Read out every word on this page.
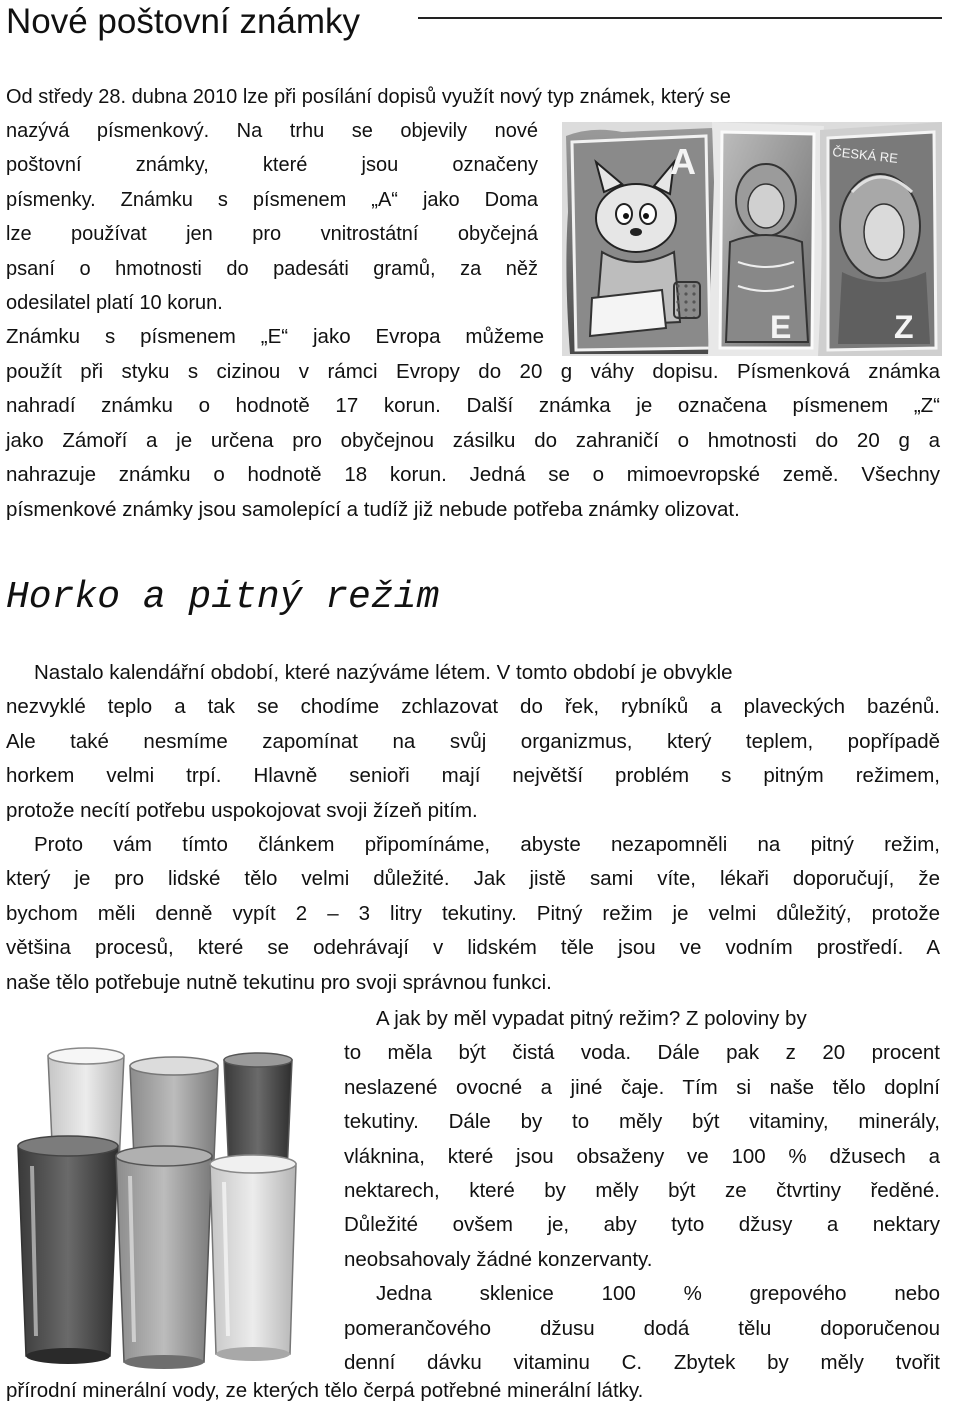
Nové poštovní známky

Od středy 28. dubna 2010 lze při posílání dopisů využít nový typ známek, který se

nazývá písmenkový. Na trhu se objevily nové
poštovní známky, které jsou označeny
písmenky. Známku s písmenem „A“ jako Doma
lze používat jen pro vnitrostátní obyčejná
psaní o hmotnosti do padesáti gramů, za něž
odesilatel platí 10 korun.

Známku s písmenem „E“ jako Evropa můžeme

použít při styku s cizinou v rámci Evropy do 20 g váhy dopisu. Písmenková známka
nahradí známku o hodnotě 17 korun. Další známka je označena písmenem „Z“
jako Zámoří a je určena pro obyčejnou zásilku do zahraničí o hmotnosti do 20 g a
nahrazuje známku o hodnotě 18 korun. Jedná se o mimoevropské země. Všechny
písmenkové známky jsou samolepící a tudíž již nebude potřeba známky olizovat.
A
E
ČESKÁ RE
Z
Horko a pitný režim
Nastalo kalendářní období, které nazýváme létem. V tomto období je obvykle
nezvyklé teplo a tak se chodíme zchlazovat do řek, rybníků a plaveckých bazénů.
Ale také nesmíme zapomínat na svůj organizmus, který teplem, popřípadě
horkem velmi trpí. Hlavně senioři mají největší problém s pitným režimem,
protože necítí potřebu uspokojovat svoji žízeň pitím.
Proto vám tímto článkem připomínáme, abyste nezapomněli na pitný režim,
který je pro lidské tělo velmi důležité. Jak jistě sami víte, lékaři doporučují, že
bychom měli denně vypít 2 – 3 litry tekutiny. Pitný režim je velmi důležitý, protože
většina procesů, které se odehrávají v lidském těle jsou ve vodním prostředí. A
naše tělo potřebuje nutně tekutinu pro svoji správnou funkci.
A jak by měl vypadat pitný režim? Z poloviny by
to měla být čistá voda. Dále pak z 20 procent
neslazené ovocné a jiné čaje. Tím si naše tělo doplní
tekutiny. Dále by to měly být vitaminy, minerály,
vláknina, které jsou obsaženy ve 100 % džusech a
nektarech, které by měly být ze čtvrtiny ředěné.
Důležité ovšem je, aby tyto džusy a nektary
neobsahovaly žádné konzervanty.
Jedna sklenice 100 % grepového nebo
pomerančového džusu dodá tělu doporučenou
denní dávku vitaminu C. Zbytek by měly tvořit
přírodní minerální vody, ze kterých tělo čerpá potřebné minerální látky.
